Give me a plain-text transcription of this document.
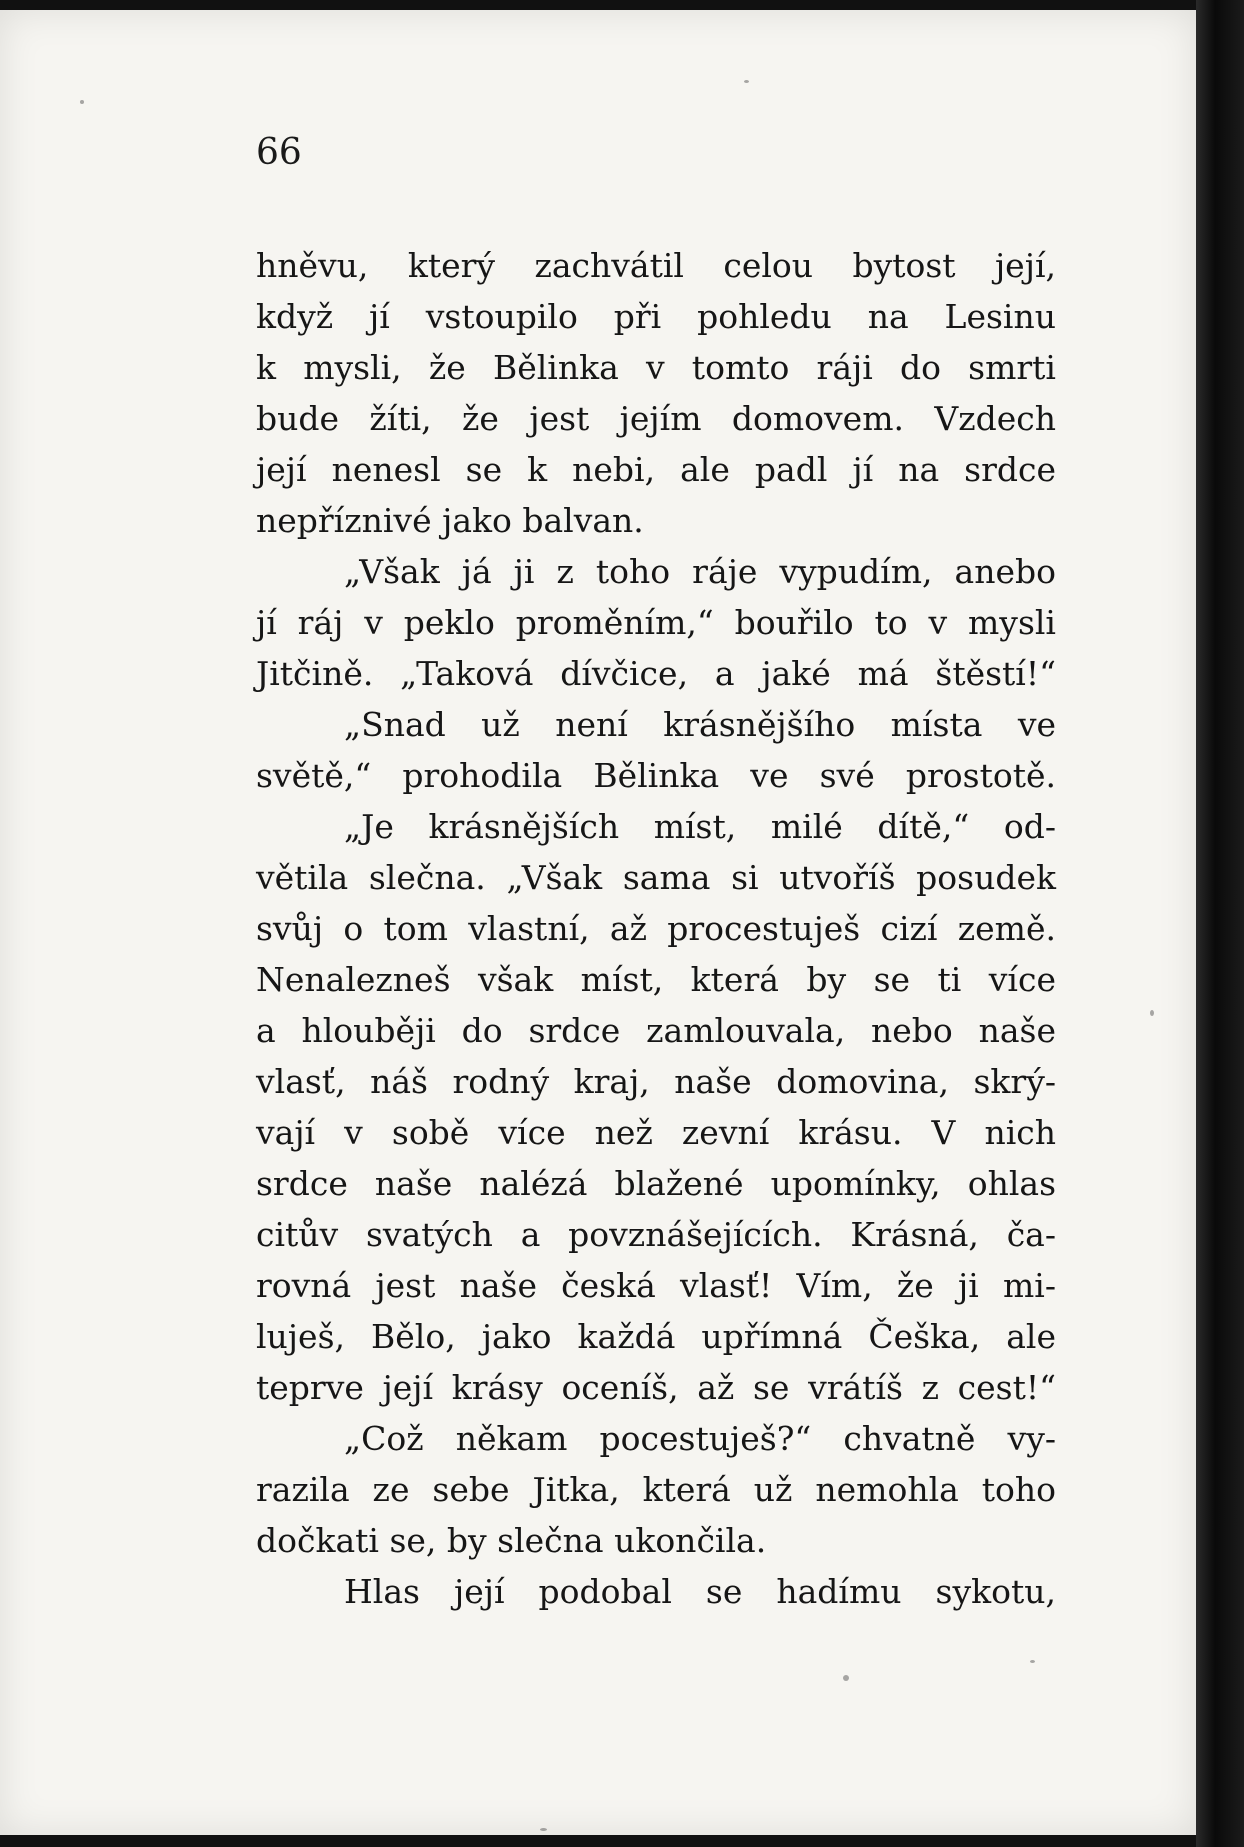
66
hněvu, který zachvátil celou bytost její,
když jí vstoupilo při pohledu na Lesinu
k mysli, že Bělinka v tomto ráji do smrti
bude žíti, že jest jejím domovem. Vzdech
její nenesl se k nebi, ale padl jí na srdce
nepříznivé jako balvan.
„Však já ji z toho ráje vypudím, anebo
jí ráj v peklo proměním,“ bouřilo to v mysli
Jitčině. „Taková dívčice, a jaké má štěstí!“
„Snad už není krásnějšího místa ve
světě,“ prohodila Bělinka ve své prostotě.
„Je krásnějších míst, milé dítě,“ od-
větila slečna. „Však sama si utvoříš posudek
svůj o tom vlastní, až procestuješ cizí země.
Nenalezneš však míst, která by se ti více
a hlouběji do srdce zamlouvala, nebo naše
vlasť, náš rodný kraj, naše domovina, skrý-
vají v sobě více než zevní krásu. V nich
srdce naše nalézá blažené upomínky, ohlas
citův svatých a povznášejících. Krásná, ča-
rovná jest naše česká vlasť! Vím, že ji mi-
luješ, Bělo, jako každá upřímná Češka, ale
teprve její krásy oceníš, až se vrátíš z cest!“
„Což někam pocestuješ?“ chvatně vy-
razila ze sebe Jitka, která už nemohla toho
dočkati se, by slečna ukončila.
Hlas její podobal se hadímu sykotu,
